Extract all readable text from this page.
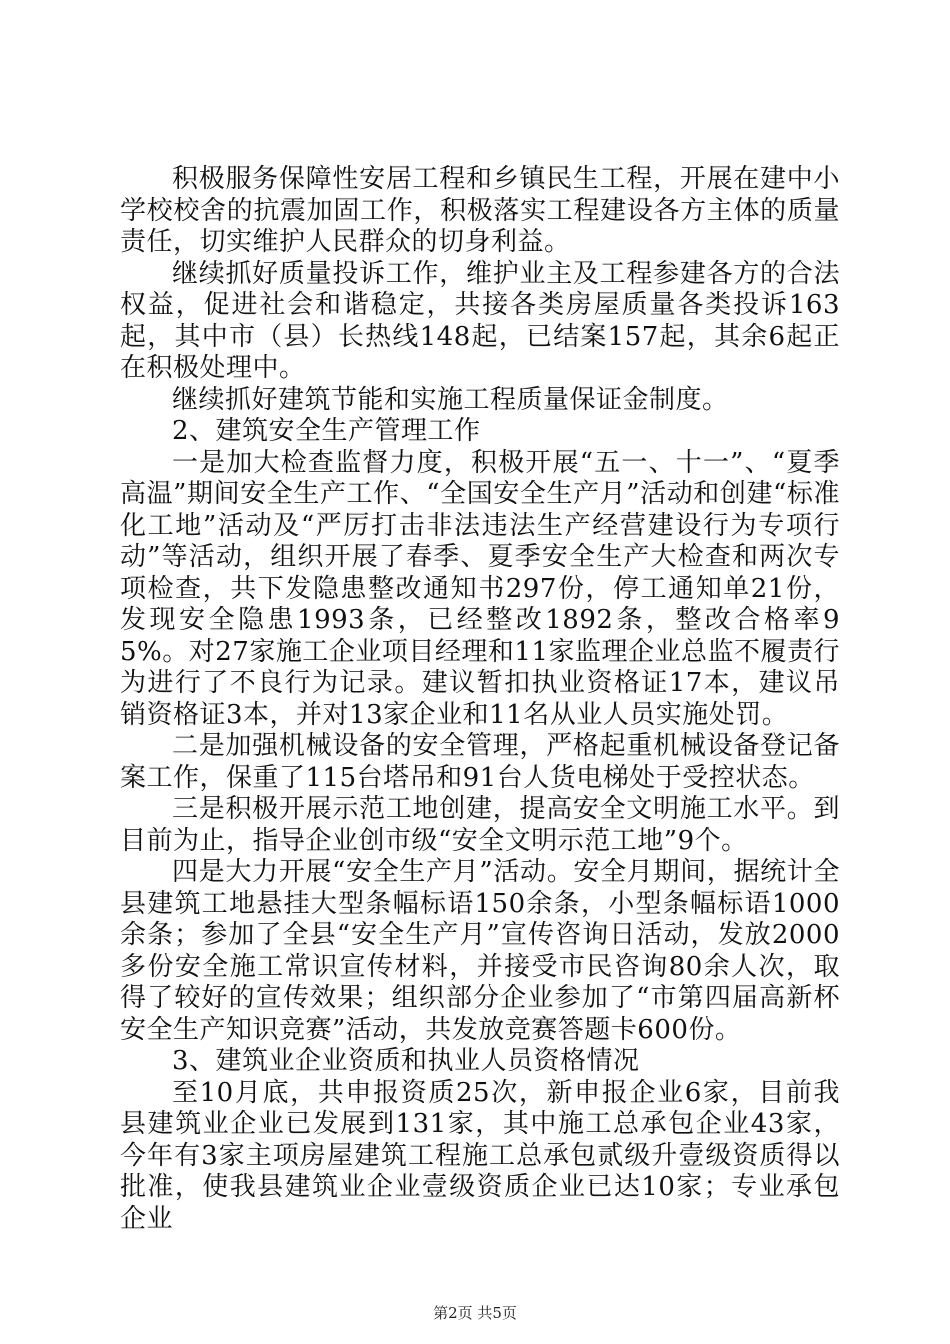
积极服务保障性安居工程和乡镇民生工程，开展在建中小学校校舍的抗震加固工作，积极落实工程建设各方主体的质量责任，切实维护人民群众的切身利益。

继续抓好质量投诉工作，维护业主及工程参建各方的合法权益，促进社会和谐稳定，共接各类房屋质量各类投诉163起，其中市（县）长热线148起，已结案157起，其余6起正在积极处理中。

继续抓好建筑节能和实施工程质量保证金制度。

2、建筑安全生产管理工作

一是加大检查监督力度，积极开展“五一、十一”、“夏季高温”期间安全生产工作、“全国安全生产月”活动和创建“标准化工地”活动及“严厉打击非法违法生产经营建设行为专项行动”等活动，组织开展了春季、夏季安全生产大检查和两次专项检查，共下发隐患整改通知书297份，停工通知单21份，发现安全隐患1993条，已经整改1892条，整改合格率95%。对27家施工企业项目经理和11家监理企业总监不履责行为进行了不良行为记录。建议暂扣执业资格证17本，建议吊销资格证3本，并对13家企业和11名从业人员实施处罚。

二是加强机械设备的安全管理，严格起重机械设备登记备案工作，保重了115台塔吊和91台人货电梯处于受控状态。

三是积极开展示范工地创建，提高安全文明施工水平。到目前为止，指导企业创市级“安全文明示范工地”9个。

四是大力开展“安全生产月”活动。安全月期间，据统计全县建筑工地悬挂大型条幅标语150余条，小型条幅标语1000余条；参加了全县“安全生产月”宣传咨询日活动，发放2000多份安全施工常识宣传材料，并接受市民咨询80余人次，取得了较好的宣传效果；组织部分企业参加了“市第四届高新杯安全生产知识竞赛”活动，共发放竞赛答题卡600份。

3、建筑业企业资质和执业人员资格情况

至10月底，共申报资质25次，新申报企业6家，目前我县建筑业企业已发展到131家，其中施工总承包企业43家，今年有3家主项房屋建筑工程施工总承包贰级升壹级资质得以批准，使我县建筑业企业壹级资质企业已达10家；专业承包企业

第2页 共5页
